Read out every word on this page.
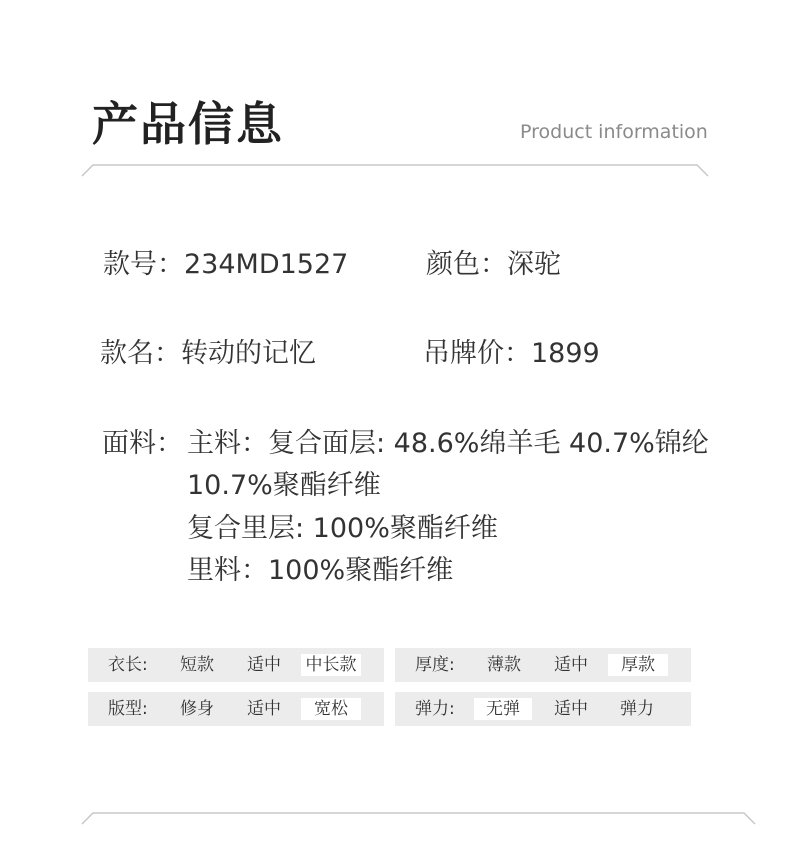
产品信息	Product information
款号：234MD1527	颜色：深驼
款名：转动的记忆	吊牌价：1899
面料： 主料：复合面层: 48.6%绵羊毛 40.7%锦纶
10.7%聚酯纤维
复合里层: 100%聚酯纤维
里料：100%聚酯纤维
衣长:	短款	适中	中长款	厚度:	薄款	适中	厚款
版型:	修身	适中	宽松	弹力:	无弹	适中	弹力
